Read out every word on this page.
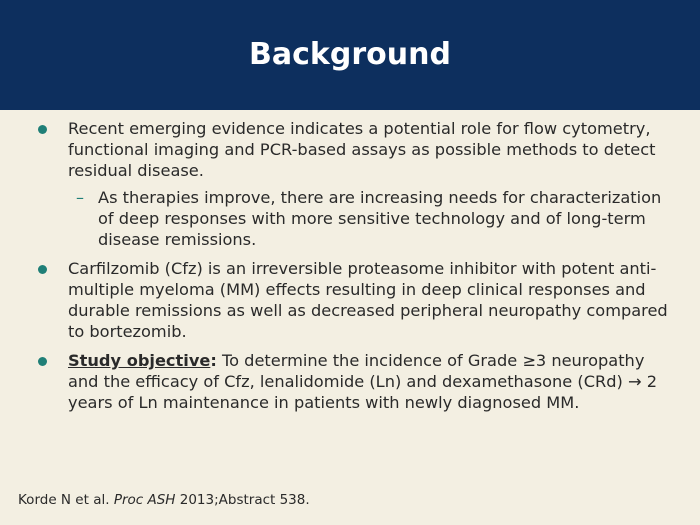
Background
Recent emerging evidence indicates a potential role for flow cytometry, functional imaging and PCR-based assays as possible methods to detect residual disease.
– As therapies improve, there are increasing needs for characterization of deep responses with more sensitive technology and of long-term disease remissions.
Carfilzomib (Cfz) is an irreversible proteasome inhibitor with potent anti-multiple myeloma (MM) effects resulting in deep clinical responses and durable remissions as well as decreased peripheral neuropathy compared to bortezomib.
Study objective: To determine the incidence of Grade ≥3 neuropathy and the efficacy of Cfz, lenalidomide (Ln) and dexamethasone (CRd) → 2 years of Ln maintenance in patients with newly diagnosed MM.
Korde N et al. Proc ASH 2013;Abstract 538.
